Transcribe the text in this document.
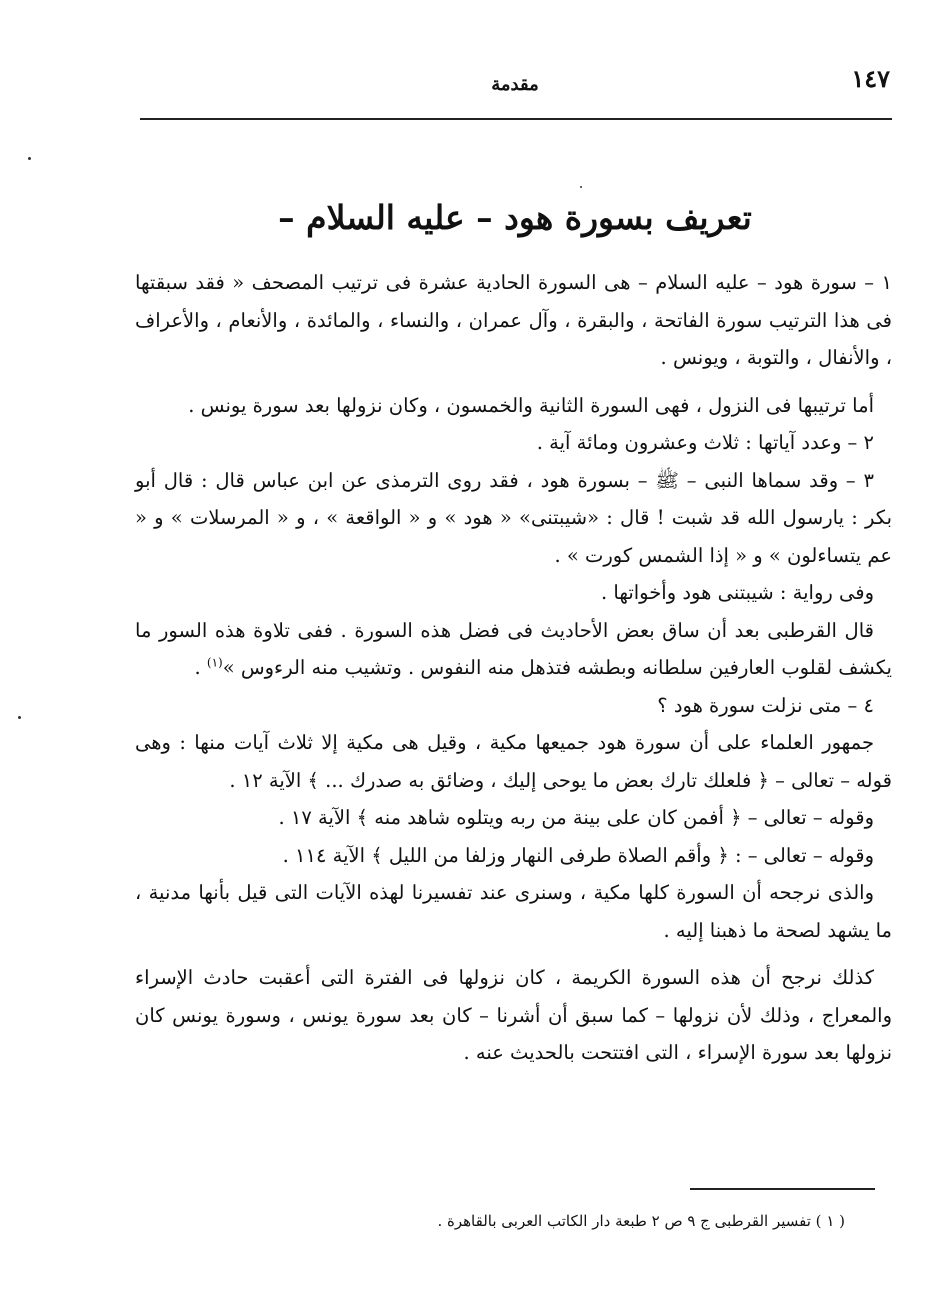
١٤٧
مقدمة
تعريف بسورة هود – عليه السلام –

١ – سورة هود – عليه السلام – هى السورة الحادية عشرة فى ترتيب المصحف « فقد سبقتها فى هذا الترتيب سورة الفاتحة ، والبقرة ، وآل عمران ، والنساء ، والمائدة ، والأنعام ، والأعراف ، والأنفال ، والتوبة ، ويونس .

أما ترتيبها فى النزول ، فهى السورة الثانية والخمسون ، وكان نزولها بعد سورة يونس .

٢ – وعدد آياتها : ثلاث وعشرون ومائة آية .

٣ – وقد سماها النبى – ﷺ – بسورة هود ، فقد روى الترمذى عن ابن عباس قال : قال أبو بكر : يارسول الله قد شبت ! قال : «شيبتنى» « هود » و « الواقعة » ، و « المرسلات » و « عم يتساءلون » و « إذا الشمس كورت » .

وفى رواية : شيبتنى هود وأخواتها .

قال القرطبى بعد أن ساق بعض الأحاديث فى فضل هذه السورة . ففى تلاوة هذه السور ما يكشف لقلوب العارفين سلطانه وبطشه فتذهل منه النفوس . وتشيب منه الرءوس »$^{(١)}$ .

٤ – متى نزلت سورة هود ؟

جمهور العلماء على أن سورة هود جميعها مكية ، وقيل هى مكية إلا ثلاث آيات منها : وهى قوله – تعالى – ﴿ فلعلك تارك بعض ما يوحى إليك ، وضائق به صدرك ... ﴾ الآية ١٢ .

وقوله – تعالى – ﴿ أفمن كان على بينة من ربه ويتلوه شاهد منه ﴾ الآية ١٧ .

وقوله – تعالى – : ﴿ وأقم الصلاة طرفى النهار وزلفا من الليل ﴾ الآية ١١٤ .

والذى نرجحه أن السورة كلها مكية ، وسنرى عند تفسيرنا لهذه الآيات التى قيل بأنها مدنية ، ما يشهد لصحة ما ذهبنا إليه .

كذلك نرجح أن هذه السورة الكريمة ، كان نزولها فى الفترة التى أعقبت حادث الإسراء والمعراج ، وذلك لأن نزولها – كما سبق أن أشرنا – كان بعد سورة يونس ، وسورة يونس كان نزولها بعد سورة الإسراء ، التى افتتحت بالحديث عنه .

( ١ ) تفسير القرطبى ج ٩ ص ٢ طبعة دار الكاتب العربى بالقاهرة .
